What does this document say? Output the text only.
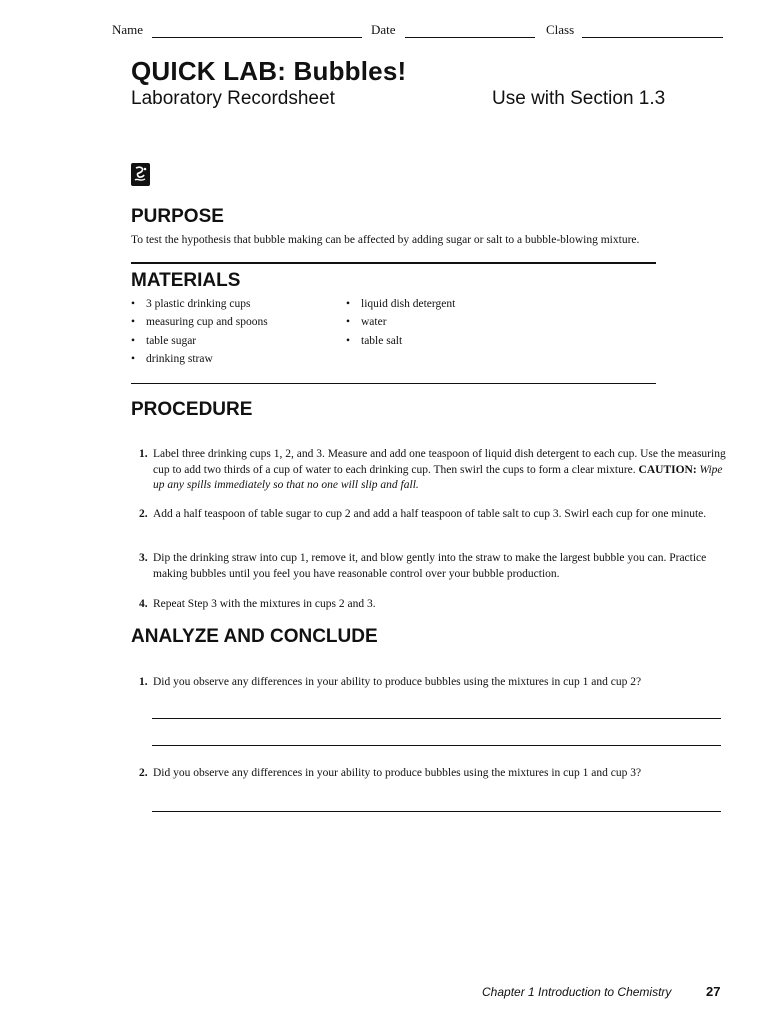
Name	Date	Class
QUICK LAB: Bubbles!
Laboratory Recordsheet	Use with Section 1.3
PURPOSE
To test the hypothesis that bubble making can be affected by adding sugar or salt to a bubble-blowing mixture.
MATERIALS
• 3 plastic drinking cups
• measuring cup and spoons
• table sugar
• drinking straw
• liquid dish detergent
• water
• table salt
PROCEDURE
1. Label three drinking cups 1, 2, and 3. Measure and add one teaspoon of liquid dish detergent to each cup. Use the measuring cup to add two thirds of a cup of water to each drinking cup. Then swirl the cups to form a clear mixture. CAUTION: Wipe up any spills immediately so that no one will slip and fall.
2. Add a half teaspoon of table sugar to cup 2 and add a half teaspoon of table salt to cup 3. Swirl each cup for one minute.
3. Dip the drinking straw into cup 1, remove it, and blow gently into the straw to make the largest bubble you can. Practice making bubbles until you feel you have reasonable control over your bubble production.
4. Repeat Step 3 with the mixtures in cups 2 and 3.
ANALYZE AND CONCLUDE
1. Did you observe any differences in your ability to produce bubbles using the mixtures in cup 1 and cup 2?
2. Did you observe any differences in your ability to produce bubbles using the mixtures in cup 1 and cup 3?
Chapter 1 Introduction to Chemistry	27
